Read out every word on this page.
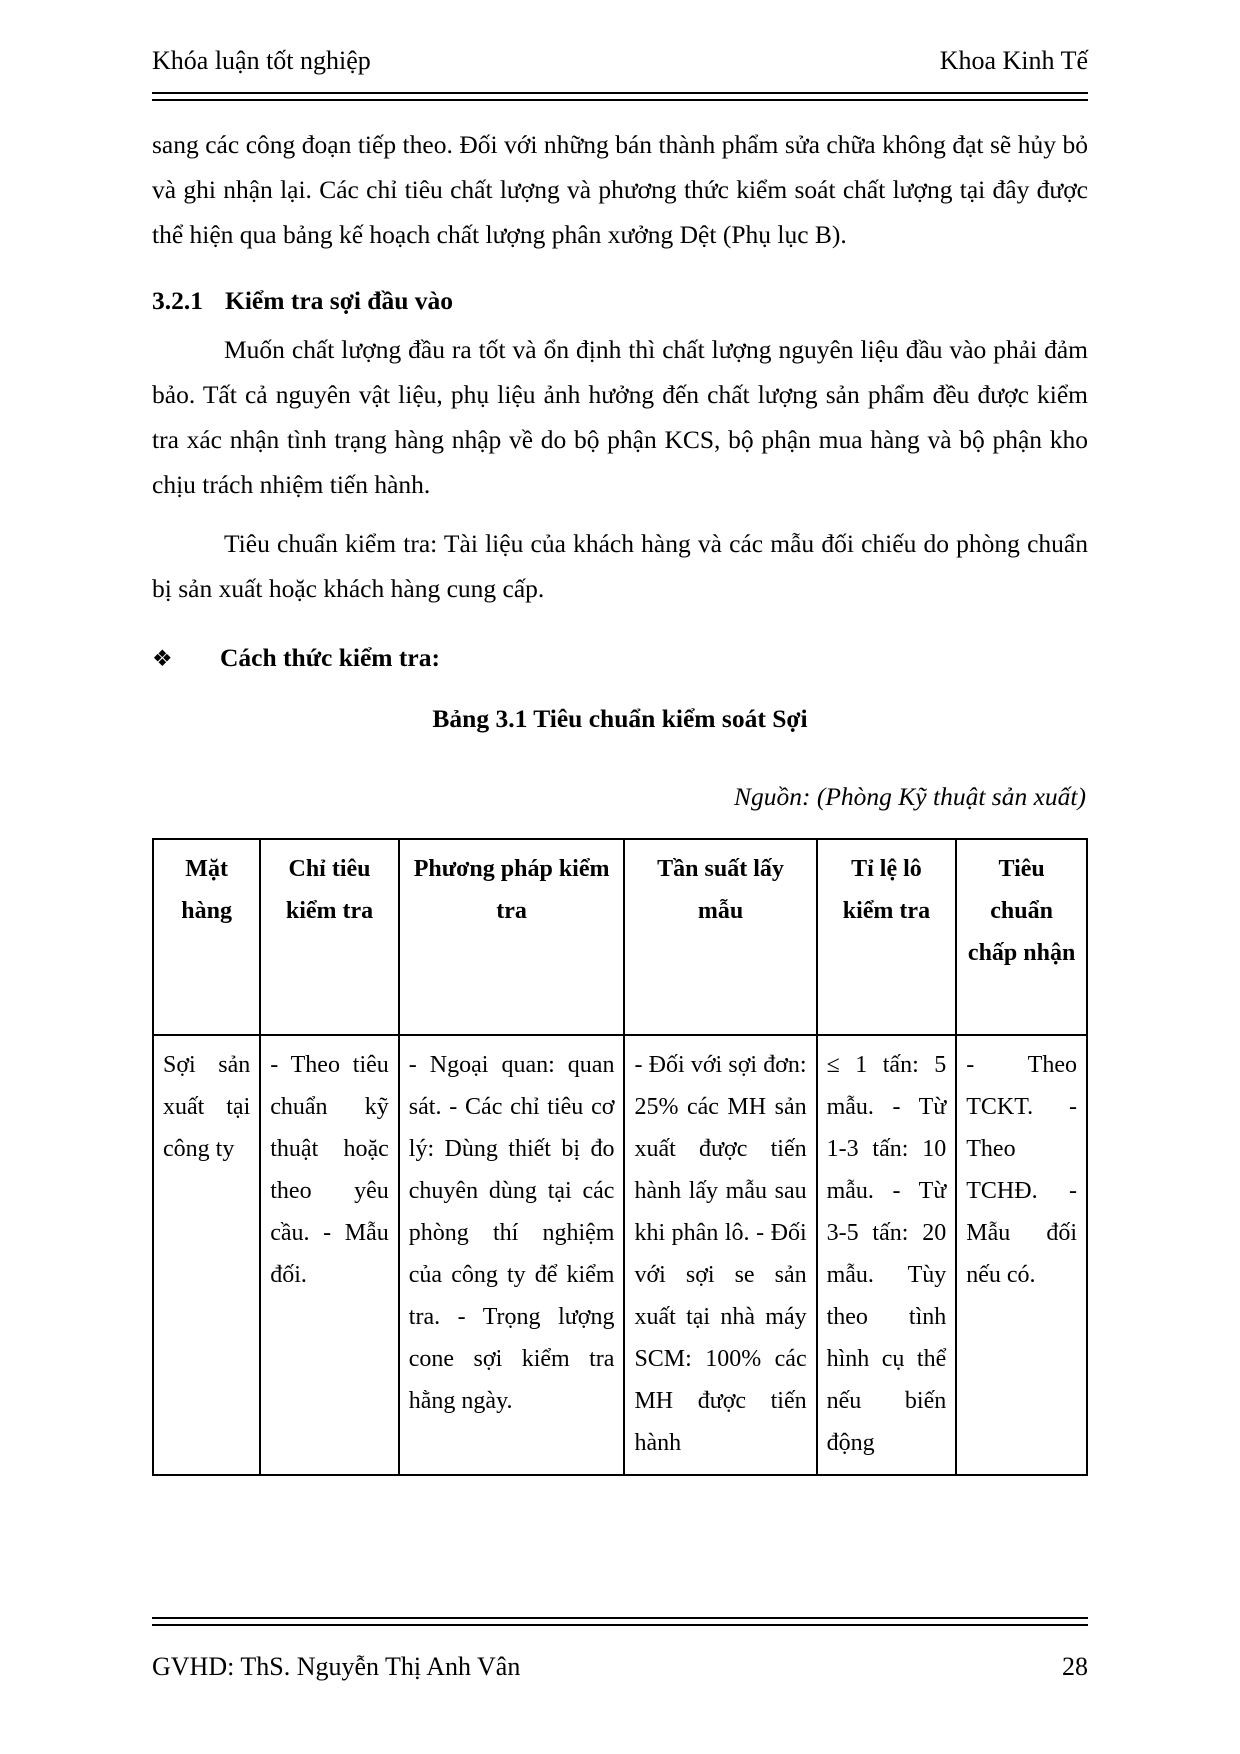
Khóa luận tốt nghiệp	Khoa Kinh Tế

sang các công đoạn tiếp theo. Đối với những bán thành phẩm sửa chữa không đạt sẽ hủy bỏ và ghi nhận lại. Các chỉ tiêu chất lượng và phương thức kiểm soát chất lượng tại đây được thể hiện qua bảng kế hoạch chất lượng phân xưởng Dệt (Phụ lục B).

3.2.1 Kiểm tra sợi đầu vào

Muốn chất lượng đầu ra tốt và ổn định thì chất lượng nguyên liệu đầu vào phải đảm bảo. Tất cả nguyên vật liệu, phụ liệu ảnh hưởng đến chất lượng sản phẩm đều được kiểm tra xác nhận tình trạng hàng nhập về do bộ phận KCS, bộ phận mua hàng và bộ phận kho chịu trách nhiệm tiến hành.

Tiêu chuẩn kiểm tra: Tài liệu của khách hàng và các mẫu đối chiếu do phòng chuẩn bị sản xuất hoặc khách hàng cung cấp.

❖	Cách thức kiểm tra:
Bảng 3.1 Tiêu chuẩn kiểm soát Sợi
Nguồn: (Phòng Kỹ thuật sản xuất)
Mặt hàng	Chỉ tiêu kiểm tra	Phương pháp kiểm tra	Tần suất lấy mẫu	Tỉ lệ lô kiểm tra	Tiêu chuẩn chấp nhận
Sợi sản xuất tại công ty	- Theo tiêu chuẩn kỹ thuật hoặc theo yêu cầu. - Mẫu đối.	- Ngoại quan: quan sát. - Các chỉ tiêu cơ lý: Dùng thiết bị đo chuyên dùng tại các phòng thí nghiệm của công ty để kiểm tra. - Trọng lượng cone sợi kiểm tra hằng ngày.	- Đối với sợi đơn: 25% các MH sản xuất được tiến hành lấy mẫu sau khi phân lô. - Đối với sợi se sản xuất tại nhà máy SCM: 100% các MH được tiến hành	≤ 1 tấn: 5 mẫu. - Từ 1-3 tấn: 10 mẫu. - Từ 3-5 tấn: 20 mẫu. Tùy theo tình hình cụ thể nếu biến động	- Theo TCKT. - Theo TCHĐ. - Mẫu đối nếu có.
GVHD: ThS. Nguyễn Thị Anh Vân	28
